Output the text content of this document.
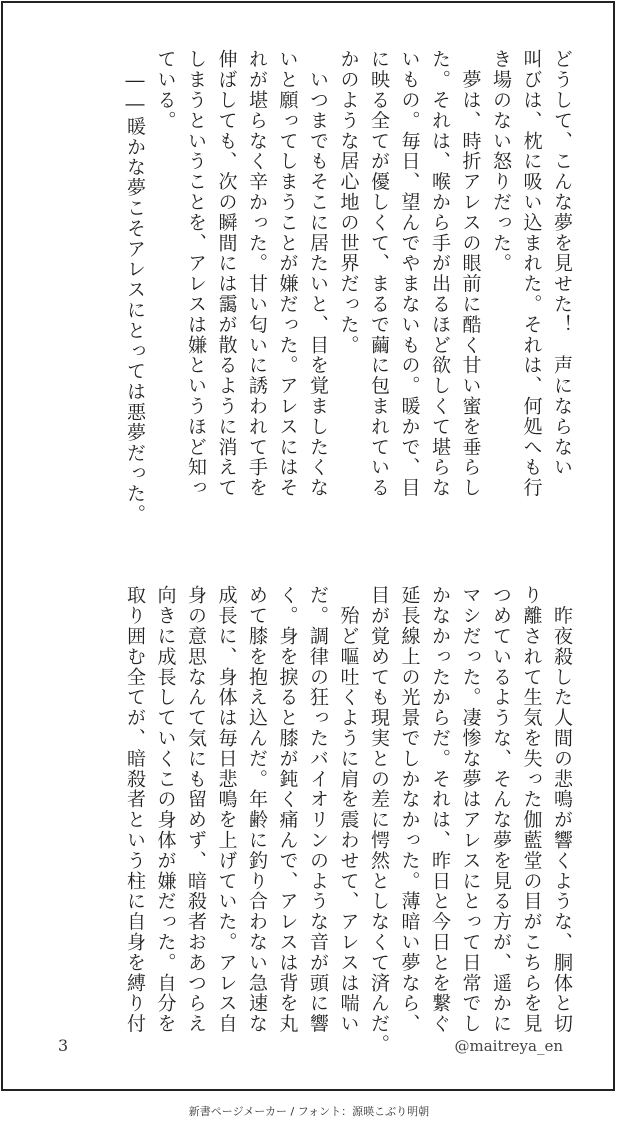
どうして、こんな夢を見せた！　声にならない

叫びは、枕に吸い込まれた。それは、何処へも行

き場のない怒りだった。

　夢は、時折アレスの眼前に酷く甘い蜜を垂らし

た。それは、喉から手が出るほど欲しくて堪らな

いもの。毎日、望んでやまないもの。暖かで、目

に映る全てが優しくて、まるで繭に包まれている

かのような居心地の世界だった。

　いつまでもそこに居たいと、目を覚ましたくな

いと願ってしまうことが嫌だった。アレスにはそ

れが堪らなく辛かった。甘い匂いに誘われて手を

伸ばしても、次の瞬間には靄が散るように消えて

しまうということを、アレスは嫌というほど知っ

ている。

　――暖かな夢こそアレスにとっては悪夢だった。

　昨夜殺した人間の悲鳴が響くような、胴体と切

り離されて生気を失った伽藍堂の目がこちらを見

つめているような、そんな夢を見る方が、遥かに

マシだった。凄惨な夢はアレスにとって日常でし

かなかったからだ。それは、昨日と今日とを繋ぐ

延長線上の光景でしかなかった。薄暗い夢なら、

目が覚めても現実との差に愕然としなくて済んだ。

　殆ど嘔吐くように肩を震わせて、アレスは喘い

だ。調律の狂ったバイオリンのような音が頭に響

く。身を捩ると膝が鈍く痛んで、アレスは背を丸

めて膝を抱え込んだ。年齢に釣り合わない急速な

成長に、身体は毎日悲鳴を上げていた。アレス自

身の意思なんて気にも留めず、暗殺者おあつらえ

向きに成長していくこの身体が嫌だった。自分を

取り囲む全てが、暗殺者という柱に自身を縛り付

3	@maitreya_en
新書ページメーカー / フォント：源暎こぶり明朝
